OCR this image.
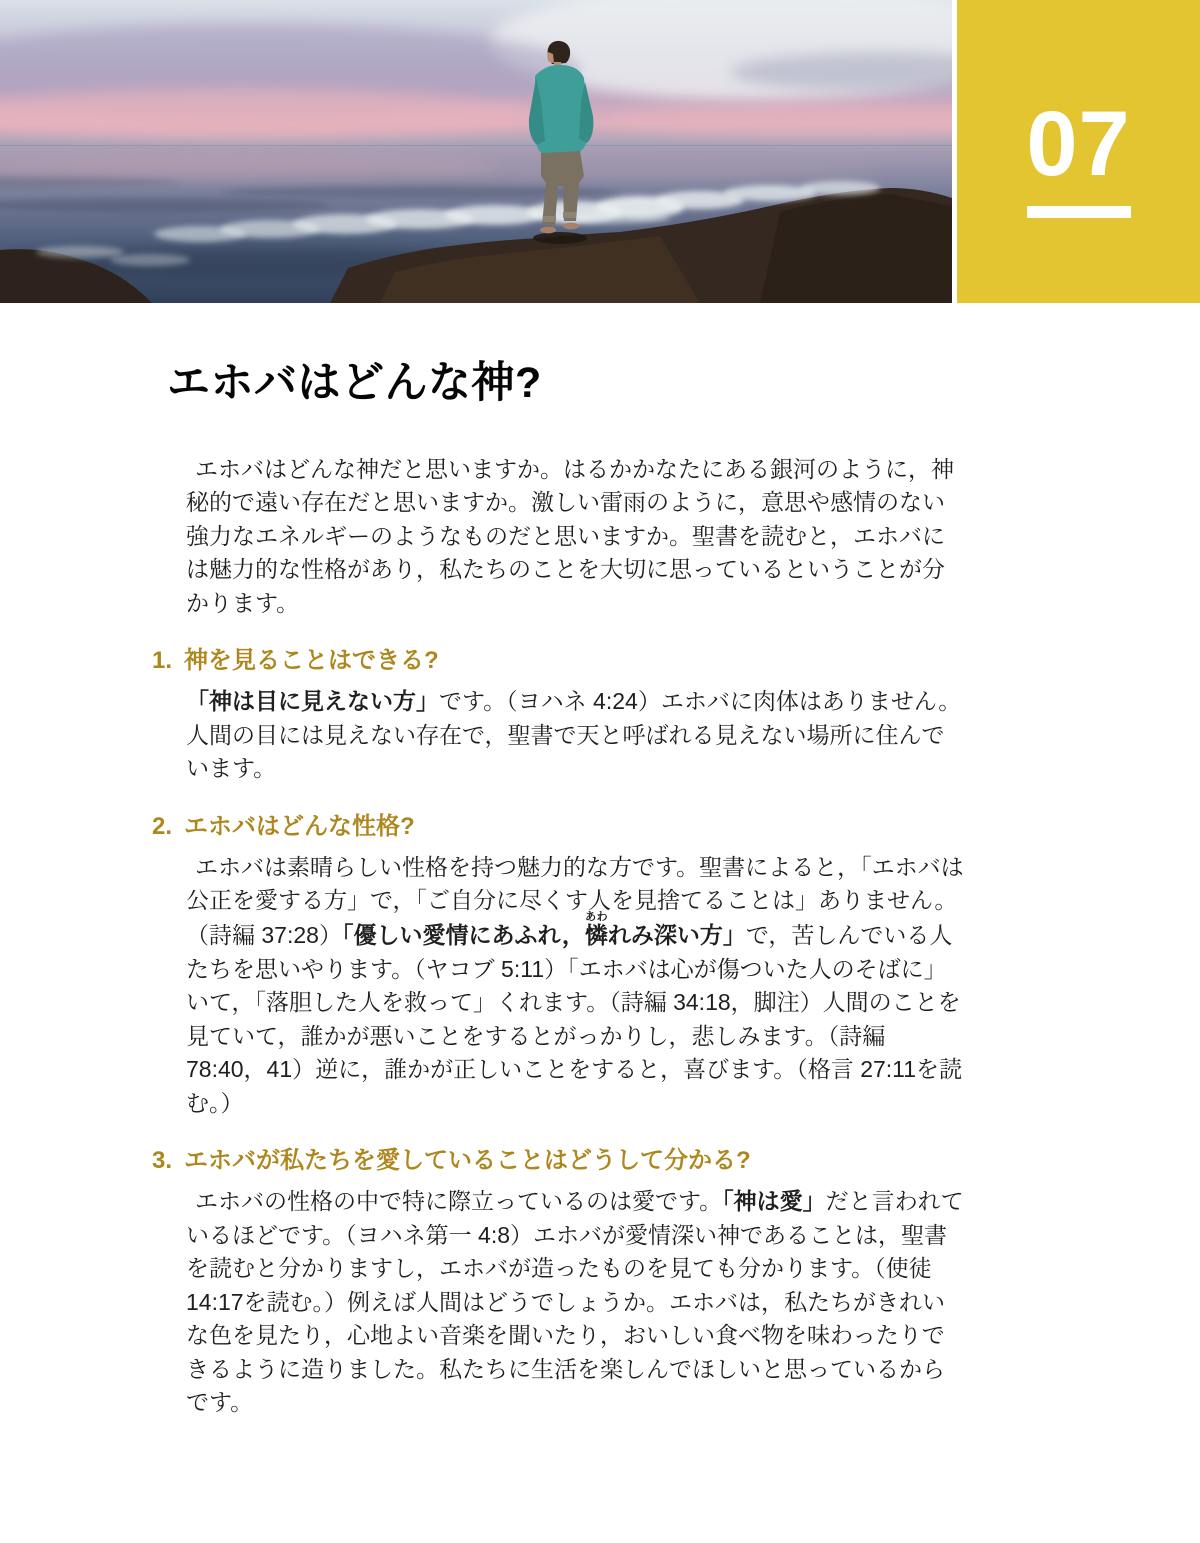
07
エホバはどんな神?

エホバはどんな神だと思いますか。はるかかなたにある銀河のように，神秘的で遠い存在だと思いますか。激しい雷雨のように，意思や感情のない強力なエネルギーのようなものだと思いますか。聖書を読むと，エホバには魅力的な性格があり，私たちのことを大切に思っているということが分かります。

1. 神を見ることはできる?

「神は目に見えない方」です。（ヨハネ 4:24）エホバに肉体はありません。人間の目には見えない存在で，聖書で天と呼ばれる見えない場所に住んでいます。

2. エホバはどんな性格?

エホバは素晴らしい性格を持つ魅力的な方です。聖書によると，「エホバは公正を愛する方」で，「ご自分に尽くす人を見捨てることは」ありません。（詩編 37:28）「優しい愛情にあふれ，憐あわれみ深い方」で，苦しんでいる人たちを思いやります。（ヤコブ 5:11）「エホバは心が傷ついた人のそばに」いて，「落胆した人を救って」くれます。（詩編 34:18，脚注）人間のことを見ていて，誰かが悪いことをするとがっかりし，悲しみます。（詩編 78:40，41）逆に，誰かが正しいことをすると，喜びます。（格言 27:11を読む。）

3. エホバが私たちを愛していることはどうして分かる?

エホバの性格の中で特に際立っているのは愛です。「神は愛」だと言われているほどです。（ヨハネ第一 4:8）エホバが愛情深い神であることは，聖書を読むと分かりますし，エホバが造ったものを見ても分かります。（使徒 14:17を読む。）例えば人間はどうでしょうか。エホバは，私たちがきれいな色を見たり，心地よい音楽を聞いたり，おいしい食べ物を味わったりできるように造りました。私たちに生活を楽しんでほしいと思っているからです。
